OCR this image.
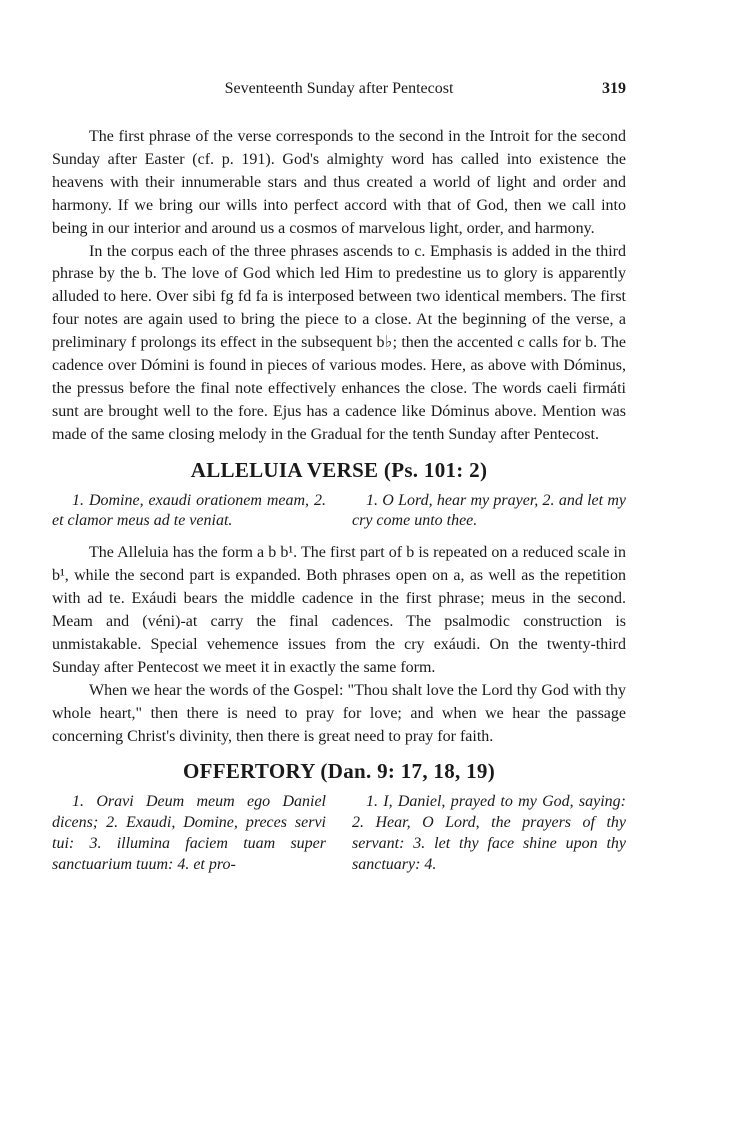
Seventeenth Sunday after Pentecost	319

The first phrase of the verse corresponds to the second in the Introit for the second Sunday after Easter (cf. p. 191). God's almighty word has called into existence the heavens with their innumerable stars and thus created a world of light and order and harmony. If we bring our wills into perfect accord with that of God, then we call into being in our interior and around us a cosmos of marvelous light, order, and harmony.

In the corpus each of the three phrases ascends to c. Emphasis is added in the third phrase by the b. The love of God which led Him to predestine us to glory is apparently alluded to here. Over sibi fg fd fa is interposed between two identical members. The first four notes are again used to bring the piece to a close. At the beginning of the verse, a preliminary f prolongs its effect in the subsequent b♭; then the accented c calls for b. The cadence over Dómini is found in pieces of various modes. Here, as above with Dóminus, the pressus before the final note effectively enhances the close. The words caeli firmáti sunt are brought well to the fore. Ejus has a cadence like Dóminus above. Mention was made of the same closing melody in the Gradual for the tenth Sunday after Pentecost.

ALLELUIA VERSE (Ps. 101: 2)
1. Domine, exaudi orationem meam, 2. et clamor meus ad te veniat.
1. O Lord, hear my prayer, 2. and let my cry come unto thee.

The Alleluia has the form a b b¹. The first part of b is repeated on a reduced scale in b¹, while the second part is expanded. Both phrases open on a, as well as the repetition with ad te. Exáudi bears the middle cadence in the first phrase; meus in the second. Meam and (véni)-at carry the final cadences. The psalmodic construction is unmistakable. Special vehemence issues from the cry exáudi. On the twenty-third Sunday after Pentecost we meet it in exactly the same form.

When we hear the words of the Gospel: "Thou shalt love the Lord thy God with thy whole heart," then there is need to pray for love; and when we hear the passage concerning Christ's divinity, then there is great need to pray for faith.

OFFERTORY (Dan. 9: 17, 18, 19)
1. Oravi Deum meum ego Daniel dicens; 2. Exaudi, Domine, preces servi tui: 3. illumina faciem tuam super sanctuarium tuum: 4. et pro-
1. I, Daniel, prayed to my God, saying: 2. Hear, O Lord, the prayers of thy servant: 3. let thy face shine upon thy sanctuary: 4.
